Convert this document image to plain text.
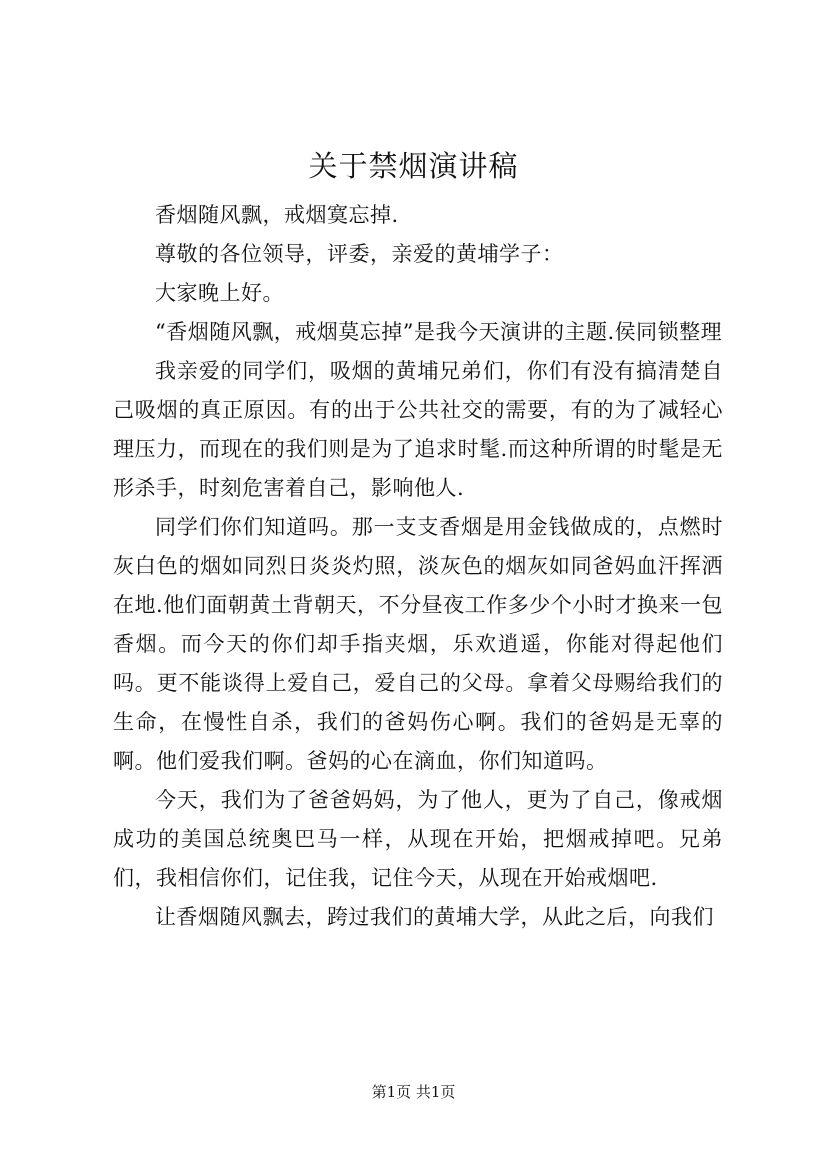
关于禁烟演讲稿

香烟随风飘，戒烟寞忘掉.

尊敬的各位领导，评委，亲爱的黄埔学子：

大家晚上好。

“香烟随风飘，戒烟莫忘掉”是我今天演讲的主题.侯同锁整理

我亲爱的同学们，吸烟的黄埔兄弟们，你们有没有搞清楚自己吸烟的真正原因。有的出于公共社交的需要，有的为了减轻心理压力，而现在的我们则是为了追求时髦.而这种所谓的时髦是无形杀手，时刻危害着自己，影响他人.

同学们你们知道吗。那一支支香烟是用金钱做成的，点燃时灰白色的烟如同烈日炎炎灼照，淡灰色的烟灰如同爸妈血汗挥洒在地.他们面朝黄土背朝天，不分昼夜工作多少个小时才换来一包香烟。而今天的你们却手指夹烟，乐欢逍遥，你能对得起他们吗。更不能谈得上爱自己，爱自己的父母。拿着父母赐给我们的生命，在慢性自杀，我们的爸妈伤心啊。我们的爸妈是无辜的啊。他们爱我们啊。爸妈的心在滴血，你们知道吗。

今天，我们为了爸爸妈妈，为了他人，更为了自己，像戒烟成功的美国总统奥巴马一样，从现在开始，把烟戒掉吧。兄弟们，我相信你们，记住我，记住今天，从现在开始戒烟吧.

让香烟随风飘去，跨过我们的黄埔大学，从此之后，向我们

第1页 共1页
